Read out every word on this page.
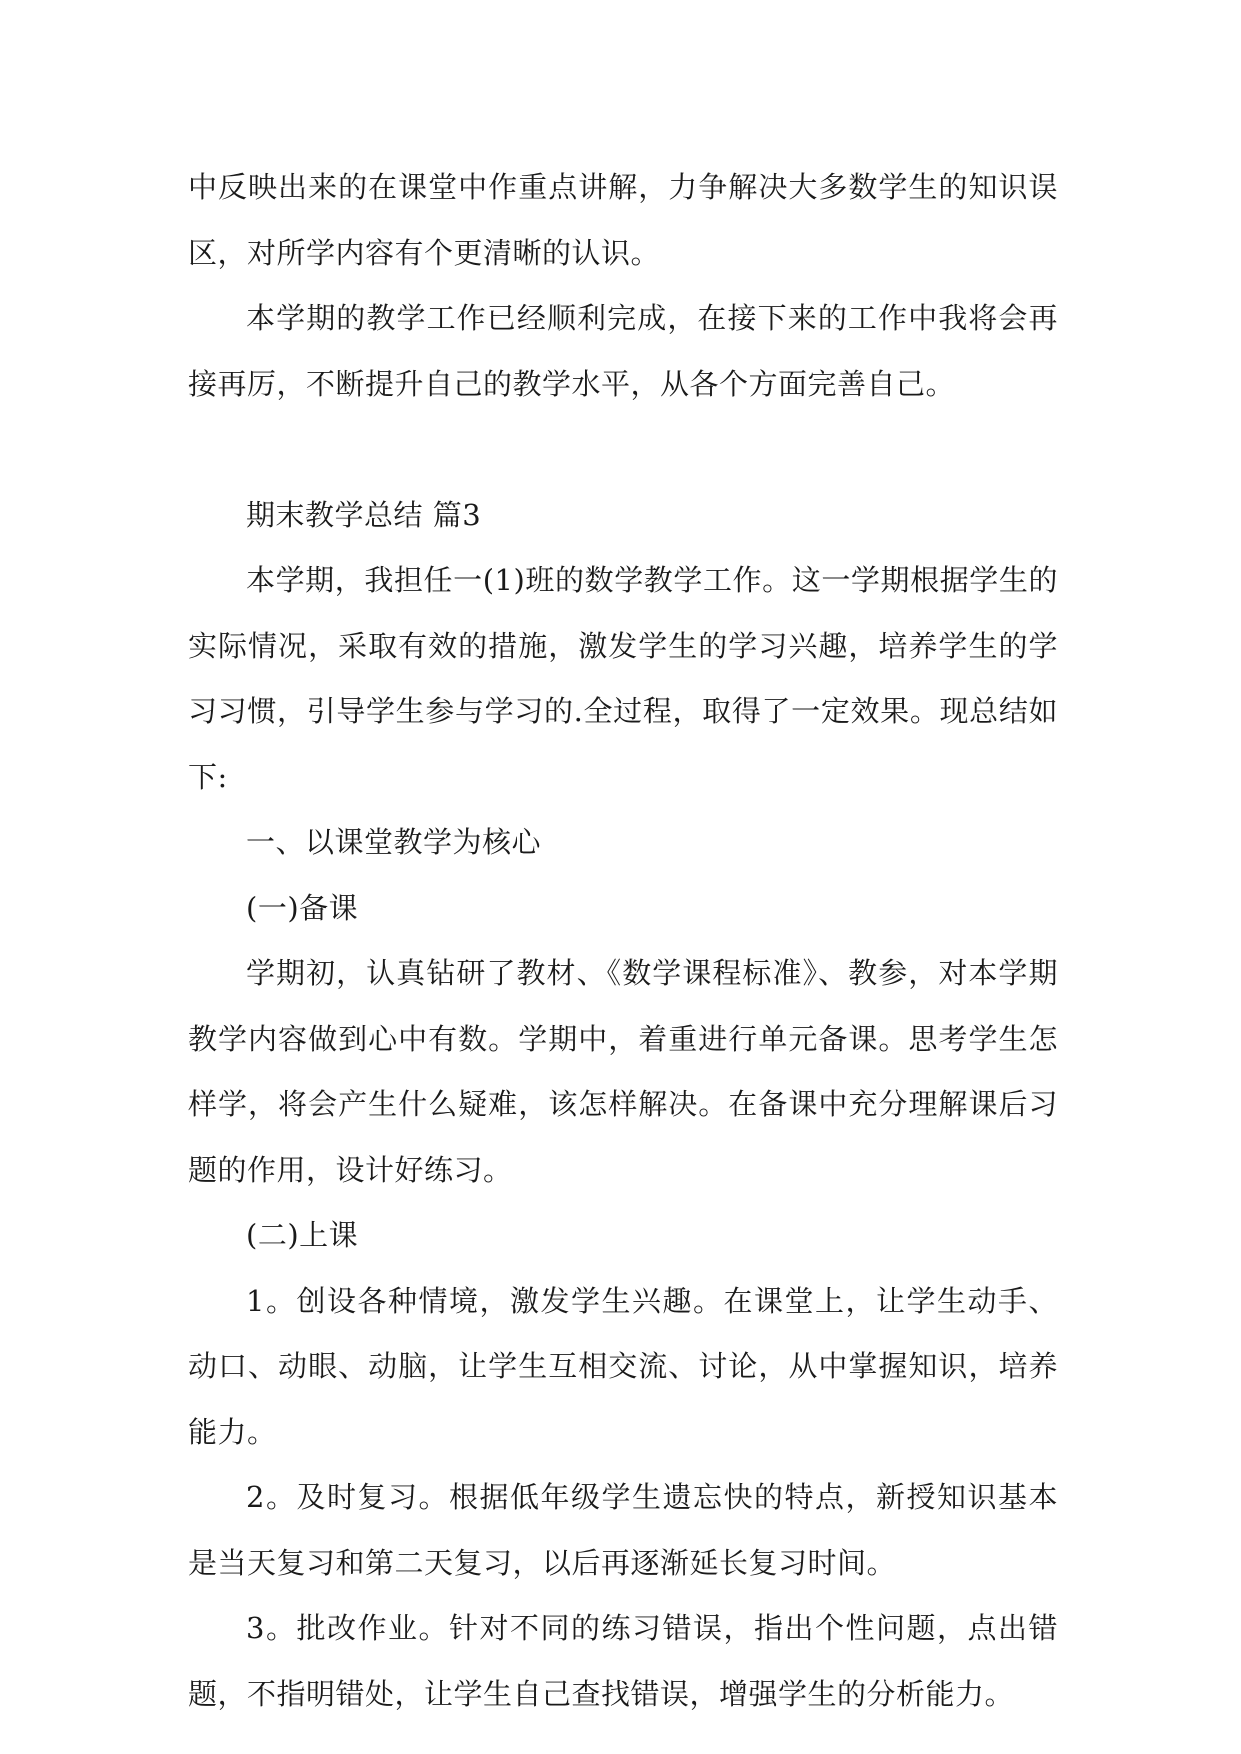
中反映出来的在课堂中作重点讲解，力争解决大多数学生的知识误区，对所学内容有个更清晰的认识。

本学期的教学工作已经顺利完成，在接下来的工作中我将会再接再厉，不断提升自己的教学水平，从各个方面完善自己。

期末教学总结 篇3

本学期，我担任一(1)班的数学教学工作。这一学期根据学生的实际情况，采取有效的措施，激发学生的学习兴趣，培养学生的学习习惯，引导学生参与学习的.全过程，取得了一定效果。现总结如下:

一、以课堂教学为核心

(一)备课

学期初，认真钻研了教材、《数学课程标准》、教参，对本学期教学内容做到心中有数。学期中，着重进行单元备课。思考学生怎样学，将会产生什么疑难，该怎样解决。在备课中充分理解课后习题的作用，设计好练习。

(二)上课

1。创设各种情境，激发学生兴趣。在课堂上，让学生动手、动口、动眼、动脑，让学生互相交流、讨论，从中掌握知识，培养能力。

2。及时复习。根据低年级学生遗忘快的特点，新授知识基本是当天复习和第二天复习，以后再逐渐延长复习时间。

3。批改作业。针对不同的练习错误，指出个性问题，点出错题，不指明错处，让学生自己查找错误，增强学生的分析能力。
